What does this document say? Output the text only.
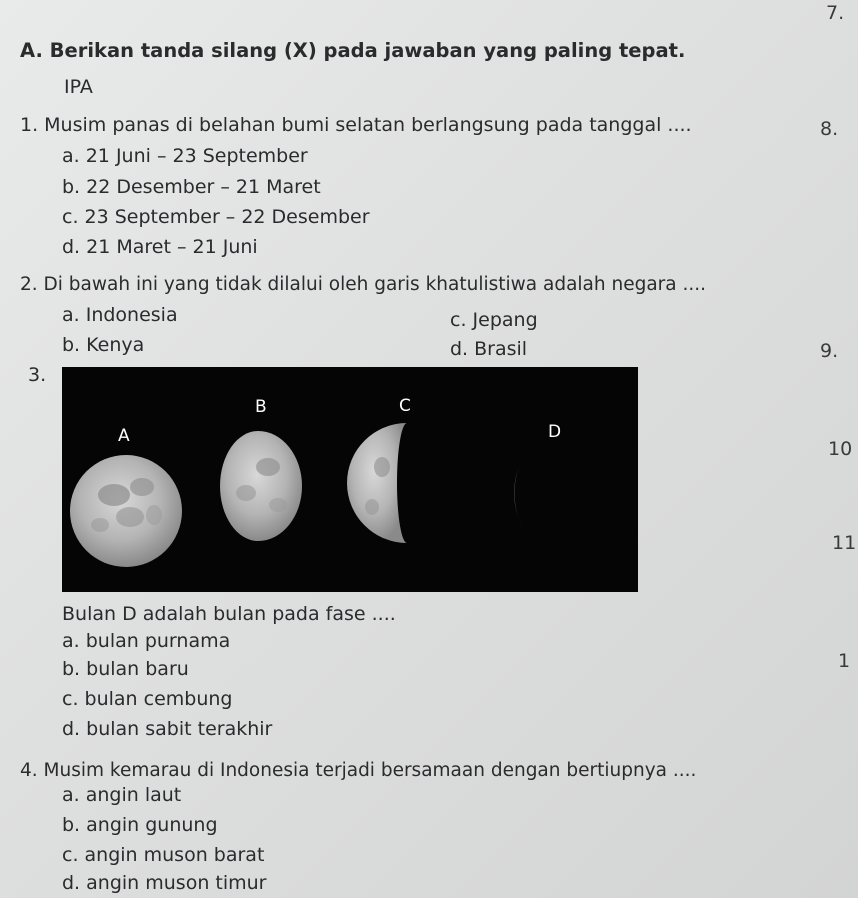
7.
8.
9.
10
11
1
A. Berikan tanda silang (X) pada jawaban yang paling tepat.
IPA
1. Musim panas di belahan bumi selatan berlangsung pada tanggal ....
a. 21 Juni – 23 September
b. 22 Desember – 21 Maret
c. 23 September – 22 Desember
d. 21 Maret – 21 Juni
2. Di bawah ini yang tidak dilalui oleh garis khatulistiwa adalah negara ....
a. Indonesia
b. Kenya
c. Jepang
d. Brasil
3.
A
B	C
D
Bulan D adalah bulan pada fase ....
a. bulan purnama
b. bulan baru
c. bulan cembung
d. bulan sabit terakhir
4. Musim kemarau di Indonesia terjadi bersamaan dengan bertiupnya ....
a. angin laut
b. angin gunung
c. angin muson barat
d. angin muson timur
